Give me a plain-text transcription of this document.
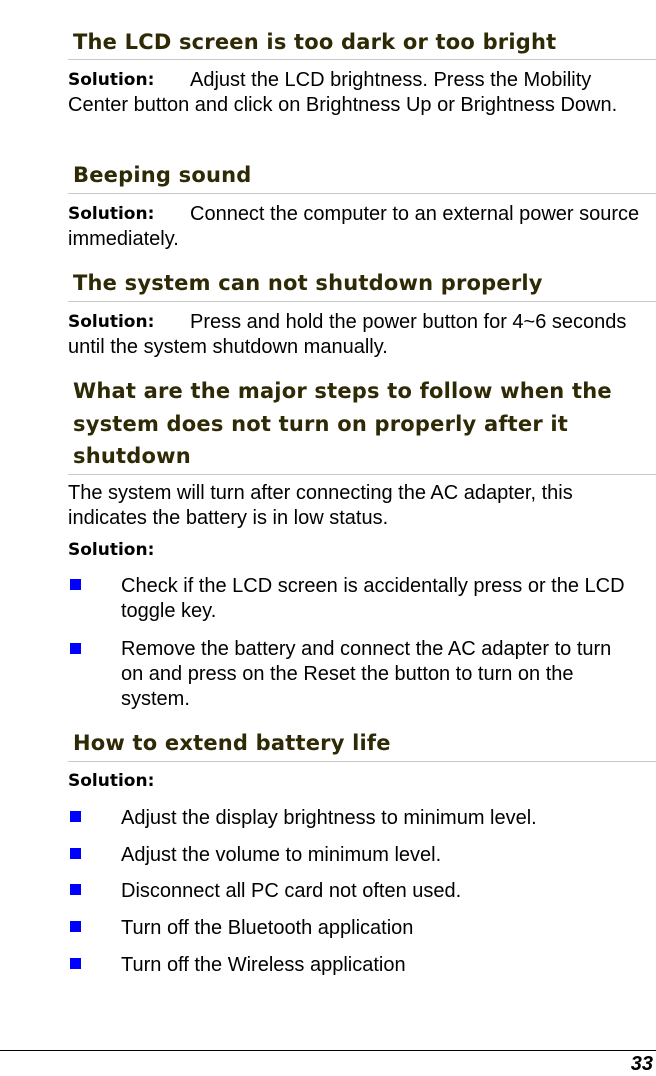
The LCD screen is too dark or too bright
Solution:	Adjust the LCD brightness. Press the Mobility Center button and click on Brightness Up or Brightness Down.
Beeping sound
Solution:	Connect the computer to an external power source immediately.
The system can not shutdown properly
Solution:	Press and hold the power button for 4~6 seconds until the system shutdown manually.
What are the major steps to follow when the
system does not turn on properly after it
shutdown
The system will turn after connecting the AC adapter, this indicates the battery is in low status.
Solution:
Check if the LCD screen is accidentally press or the LCD toggle key.
Remove the battery and connect the AC adapter to turn on and press on the Reset the button to turn on the system.
How to extend battery life
Solution:
Adjust the display brightness to minimum level.
Adjust the volume to minimum level.
Disconnect all PC card not often used.
Turn off the Bluetooth application
Turn off the Wireless application
33
